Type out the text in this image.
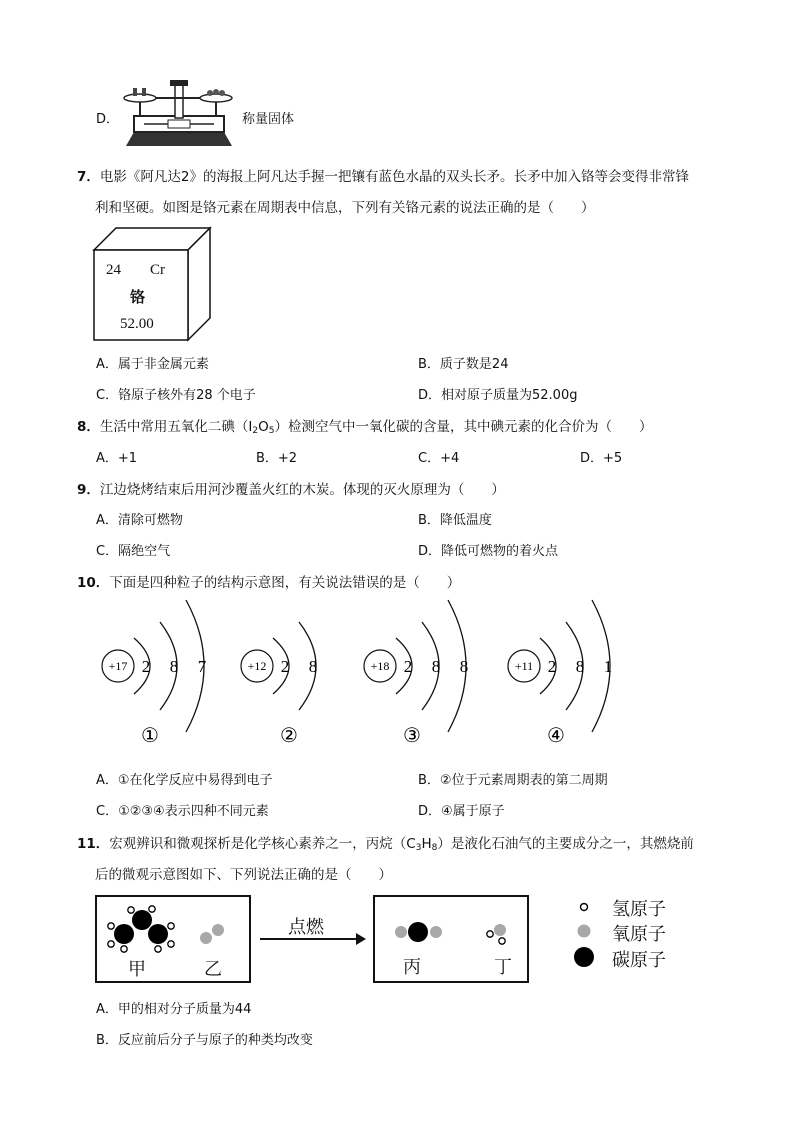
D．	称量固体
7．电影《阿凡达2》的海报上阿凡达手握一把镶有蓝色水晶的双头长矛。长矛中加入铬等会变得非常锋
利和坚硬。如图是铬元素在周期表中信息，下列有关铬元素的说法正确的是（　　）
24 Cr
铬
52.00
A．属于非金属元素	B．质子数是24
C．铬原子核外有28 个电子	D．相对原子质量为52.00g
8．生活中常用五氧化二碘$(I_2O_5)$检测空气中一氧化碳的含量，其中碘元素的化合价为（　　）
A．+1	B．+2	C．+4	D．+5
9．江边烧烤结束后用河沙覆盖火红的木炭。体现的灭火原理为（　　）
A．清除可燃物	B．降低温度
C．隔绝空气	D．降低可燃物的着火点
10．下面是四种粒子的结构示意图，有关说法错误的是（　　）
+17 2 8 7
①
+12 2 8
②
+18 2 8 8
③
+11 2 8 1
④
A．①在化学反应中易得到电子	B．②位于元素周期表的第二周期
C．①②③④表示四种不同元素	D．④属于原子
11．宏观辨识和微观探析是化学核心素养之一，丙烷$(C_3H_8)$是液化石油气的主要成分之一，其燃烧前
后的微观示意图如下、下列说法正确的是（　　）
甲	乙
点燃
丙	丁
氢原子
氧原子
碳原子
A．甲的相对分子质量为44
B．反应前后分子与原子的种类均改变
